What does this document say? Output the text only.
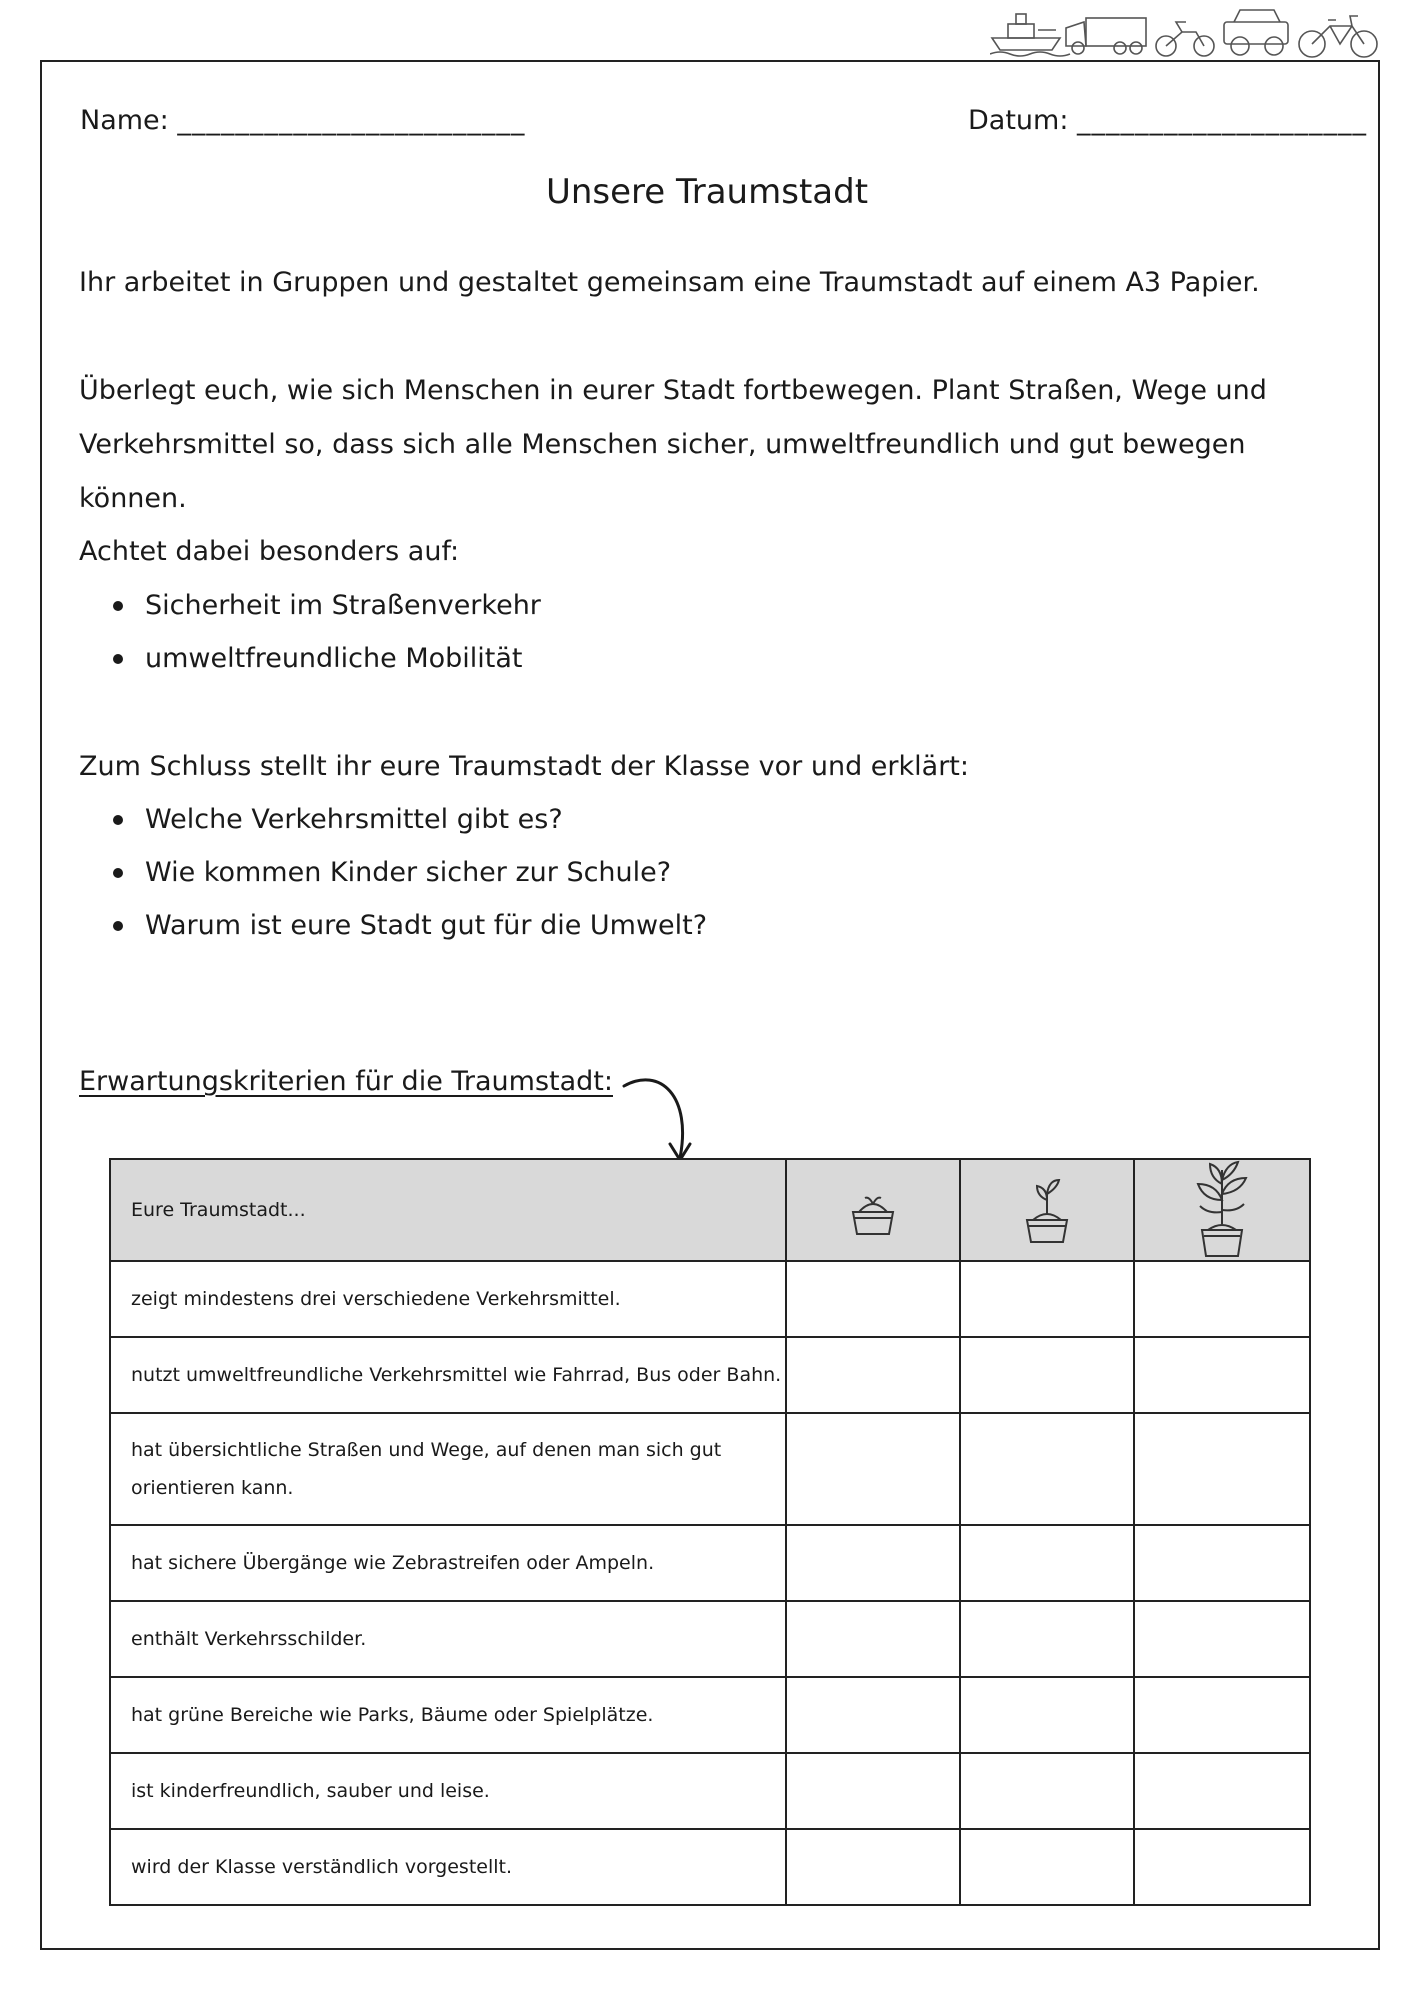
Name: ________________________	Datum: ____________________
Unsere Traumstadt
Ihr arbeitet in Gruppen und gestaltet gemeinsam eine Traumstadt auf einem A3 Papier.
Überlegt euch, wie sich Menschen in eurer Stadt fortbewegen. Plant Straßen, Wege und Verkehrsmittel so, dass sich alle Menschen sicher, umweltfreundlich und gut bewegen können.
Achtet dabei besonders auf:
Sicherheit im Straßenverkehr
umweltfreundliche Mobilität
Zum Schluss stellt ihr eure Traumstadt der Klasse vor und erklärt:
Welche Verkehrsmittel gibt es?
Wie kommen Kinder sicher zur Schule?
Warum ist eure Stadt gut für die Umwelt?
Erwartungskriterien für die Traumstadt:
Eure Traumstadt...	

zeigt mindestens drei verschiedene Verkehrsmittel.			
nutzt umweltfreundliche Verkehrsmittel wie Fahrrad, Bus oder Bahn.			
hat übersichtliche Straßen und Wege, auf denen man sich gut orientieren kann.			
hat sichere Übergänge wie Zebrastreifen oder Ampeln.			
enthält Verkehrsschilder.			
hat grüne Bereiche wie Parks, Bäume oder Spielplätze.			
ist kinderfreundlich, sauber und leise.			
wird der Klasse verständlich vorgestellt.			
